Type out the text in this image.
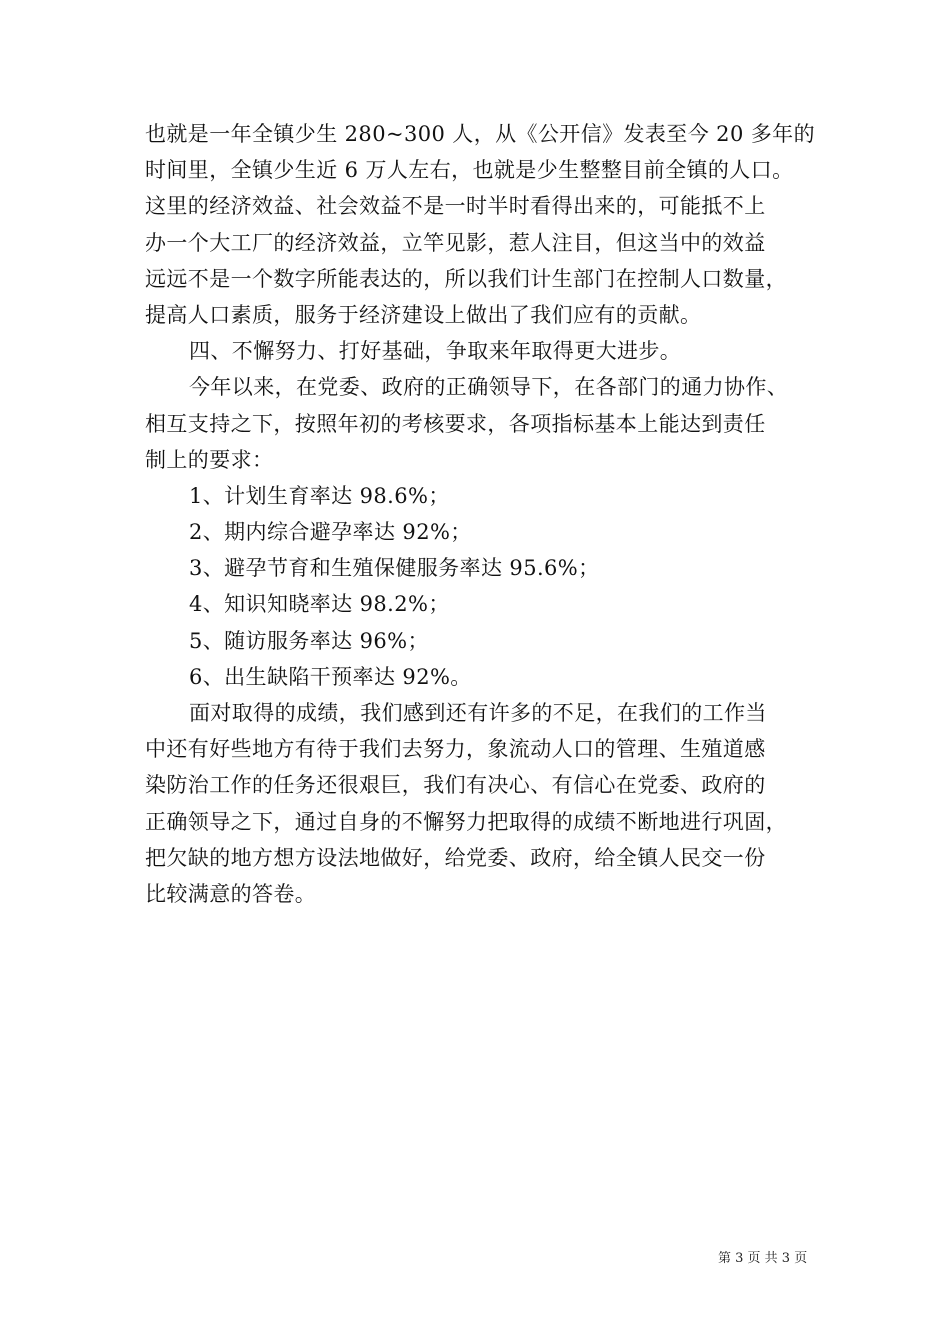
也就是一年全镇少生 280~300 人，从《公开信》发表至今 20 多年的
时间里，全镇少生近 6 万人左右，也就是少生整整目前全镇的人口。
这里的经济效益、社会效益不是一时半时看得出来的，可能抵不上
办一个大工厂的经济效益，立竿见影，惹人注目，但这当中的效益
远远不是一个数字所能表达的，所以我们计生部门在控制人口数量，
提高人口素质，服务于经济建设上做出了我们应有的贡献。
四、不懈努力、打好基础，争取来年取得更大进步。
今年以来，在党委、政府的正确领导下，在各部门的通力协作、
相互支持之下，按照年初的考核要求，各项指标基本上能达到责任
制上的要求：
1、计划生育率达 98.6%；
2、期内综合避孕率达 92%；
3、避孕节育和生殖保健服务率达 95.6%；
4、知识知晓率达 98.2%；
5、随访服务率达 96%；
6、出生缺陷干预率达 92%。
面对取得的成绩，我们感到还有许多的不足，在我们的工作当
中还有好些地方有待于我们去努力，象流动人口的管理、生殖道感
染防治工作的任务还很艰巨，我们有决心、有信心在党委、政府的
正确领导之下，通过自身的不懈努力把取得的成绩不断地进行巩固，
把欠缺的地方想方设法地做好，给党委、政府，给全镇人民交一份
比较满意的答卷。
第 3 页 共 3 页
